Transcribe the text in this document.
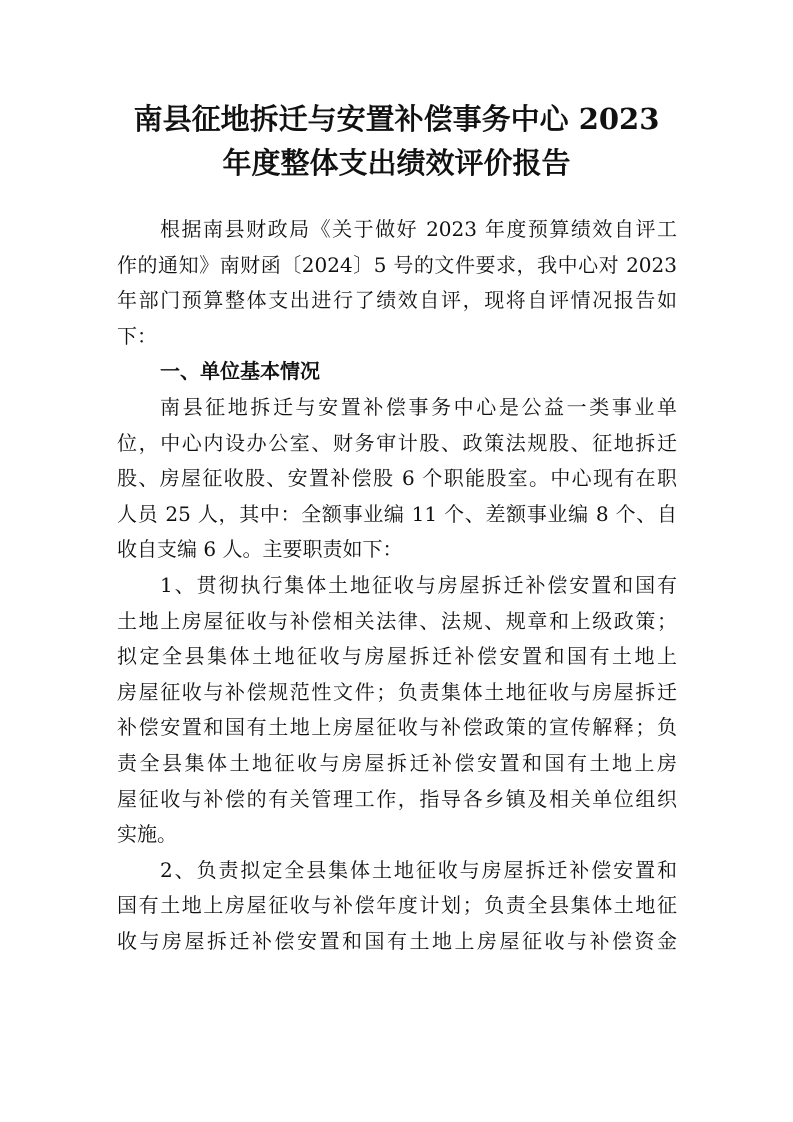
南县征地拆迁与安置补偿事务中心 2023
年度整体支出绩效评价报告
根据南县财政局《关于做好 2023 年度预算绩效自评工
作的通知》南财函〔2024〕5 号的文件要求，我中心对 2023
年部门预算整体支出进行了绩效自评，现将自评情况报告如
下：
一、单位基本情况
南县征地拆迁与安置补偿事务中心是公益一类事业单
位，中心内设办公室、财务审计股、政策法规股、征地拆迁
股、房屋征收股、安置补偿股 6 个职能股室。中心现有在职
人员 25 人，其中：全额事业编 11 个、差额事业编 8 个、自
收自支编 6 人。主要职责如下：
1、贯彻执行集体土地征收与房屋拆迁补偿安置和国有
土地上房屋征收与补偿相关法律、法规、规章和上级政策；
拟定全县集体土地征收与房屋拆迁补偿安置和国有土地上
房屋征收与补偿规范性文件；负责集体土地征收与房屋拆迁
补偿安置和国有土地上房屋征收与补偿政策的宣传解释；负
责全县集体土地征收与房屋拆迁补偿安置和国有土地上房
屋征收与补偿的有关管理工作，指导各乡镇及相关单位组织
实施。
2、负责拟定全县集体土地征收与房屋拆迁补偿安置和
国有土地上房屋征收与补偿年度计划；负责全县集体土地征
收与房屋拆迁补偿安置和国有土地上房屋征收与补偿资金
